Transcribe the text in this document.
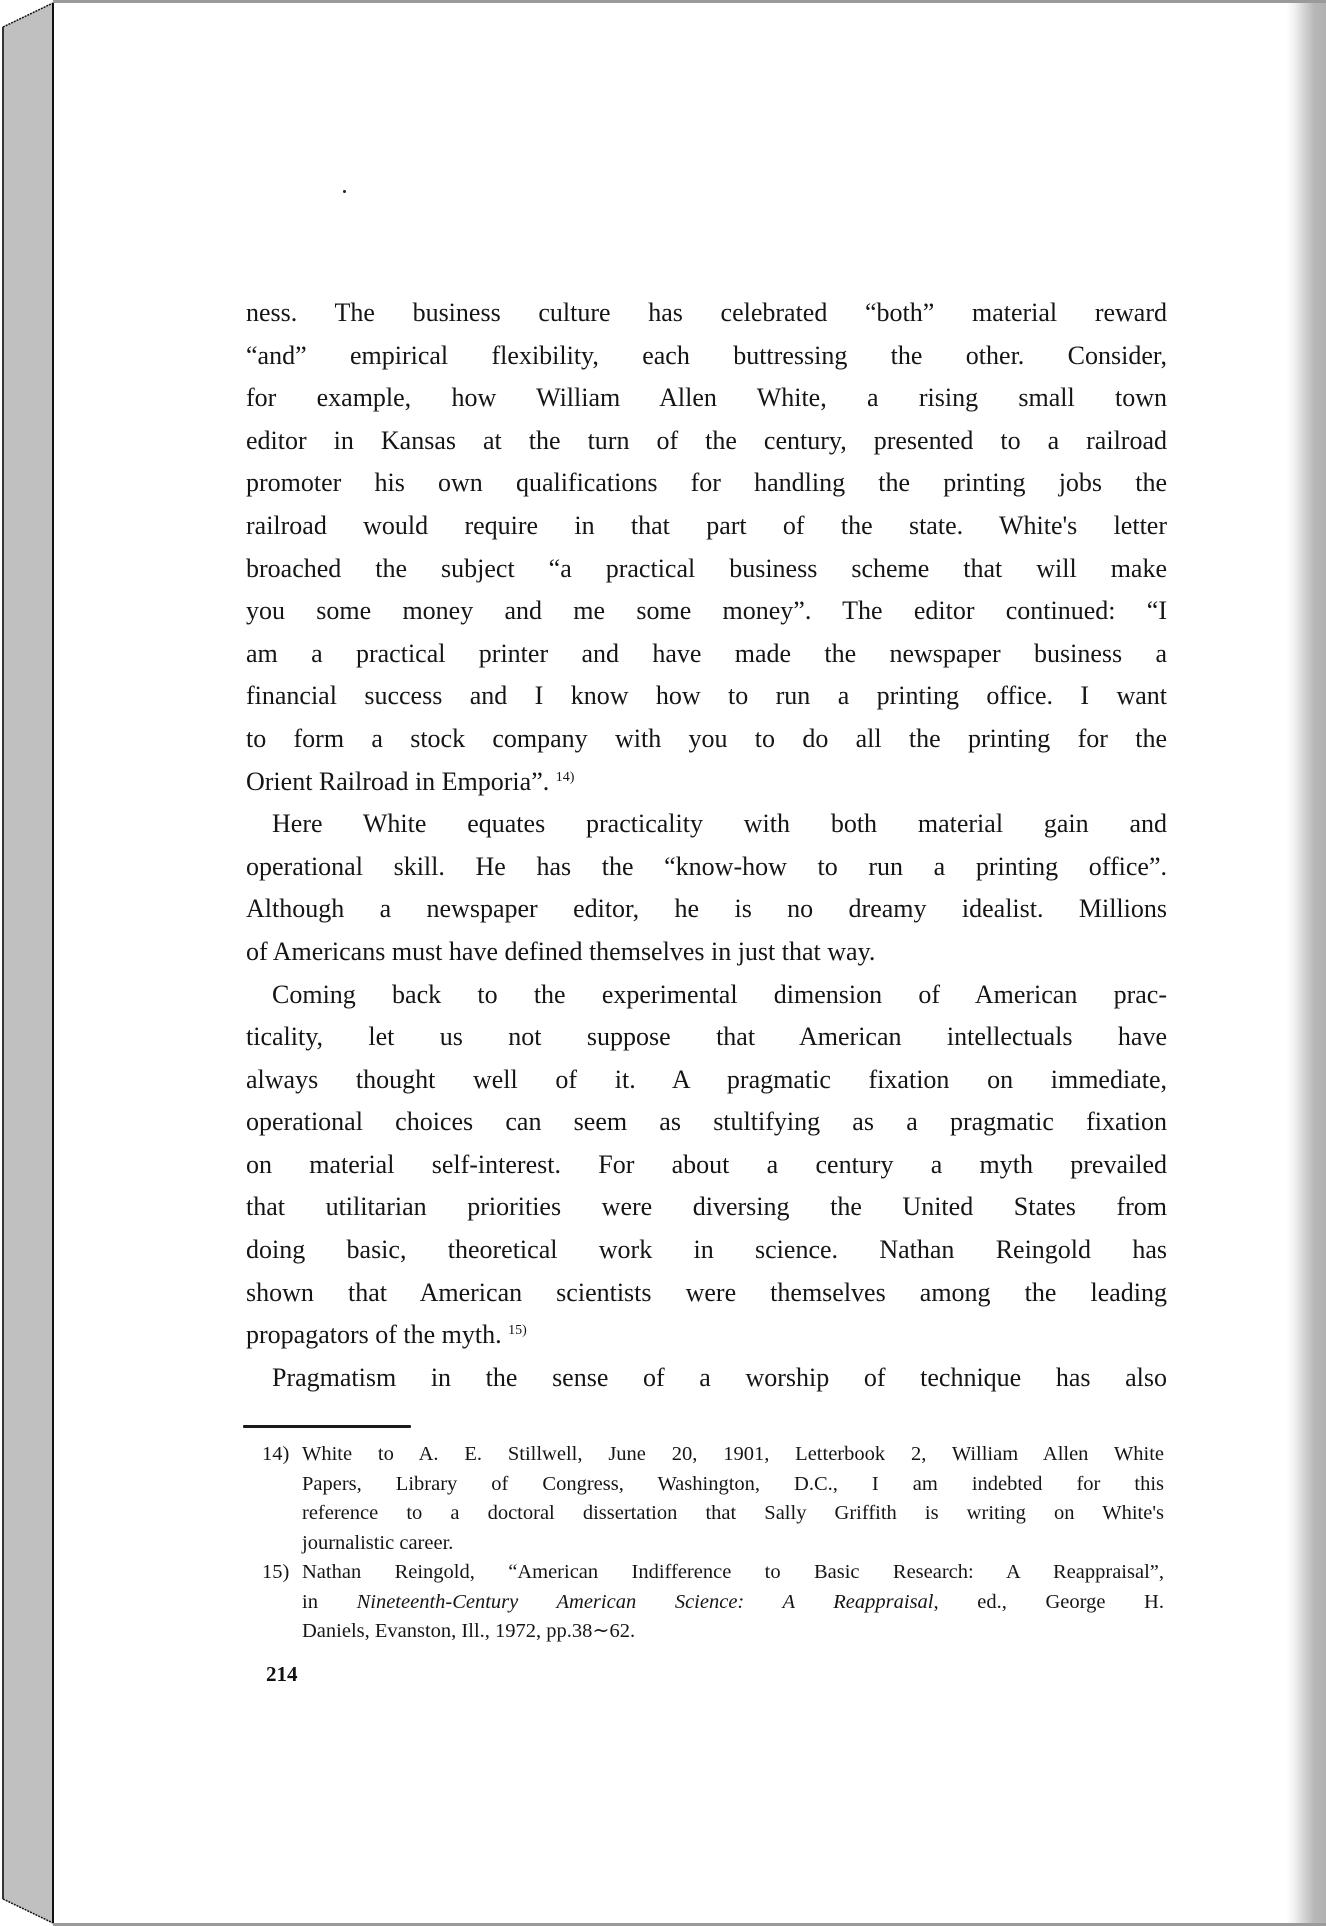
ness. The business culture has celebrated “both” material reward
“and” empirical flexibility, each buttressing the other. Consider,
for example, how William Allen White, a rising small town
editor in Kansas at the turn of the century, presented to a railroad
promoter his own qualifications for handling the printing jobs the
railroad would require in that part of the state. White's letter
broached the subject “a practical business scheme that will make
you some money and me some money”. The editor continued: “I
am a practical printer and have made the newspaper business a
financial success and I know how to run a printing office. I want
to form a stock company with you to do all the printing for the
Orient Railroad in Emporia”. $^{14)}$
Here White equates practicality with both material gain and
operational skill. He has the “know-how to run a printing office”.
Although a newspaper editor, he is no dreamy idealist. Millions
of Americans must have defined themselves in just that way.
Coming back to the experimental dimension of American prac-
ticality, let us not suppose that American intellectuals have
always thought well of it. A pragmatic fixation on immediate,
operational choices can seem as stultifying as a pragmatic fixation
on material self-interest. For about a century a myth prevailed
that utilitarian priorities were diversing the United States from
doing basic, theoretical work in science. Nathan Reingold has
shown that American scientists were themselves among the leading
propagators of the myth. $^{15)}$
Pragmatism in the sense of a worship of technique has also
14) White to A. E. Stillwell, June 20, 1901, Letterbook 2, William Allen White
Papers, Library of Congress, Washington, D.C., I am indebted for this
reference to a doctoral dissertation that Sally Griffith is writing on White's
journalistic career.
15) Nathan Reingold, “American Indifference to Basic Research: A Reappraisal”,
in Nineteenth-Century American Science: A Reappraisal, ed., George H.
Daniels, Evanston, Ill., 1972, pp.38∼62.
214
